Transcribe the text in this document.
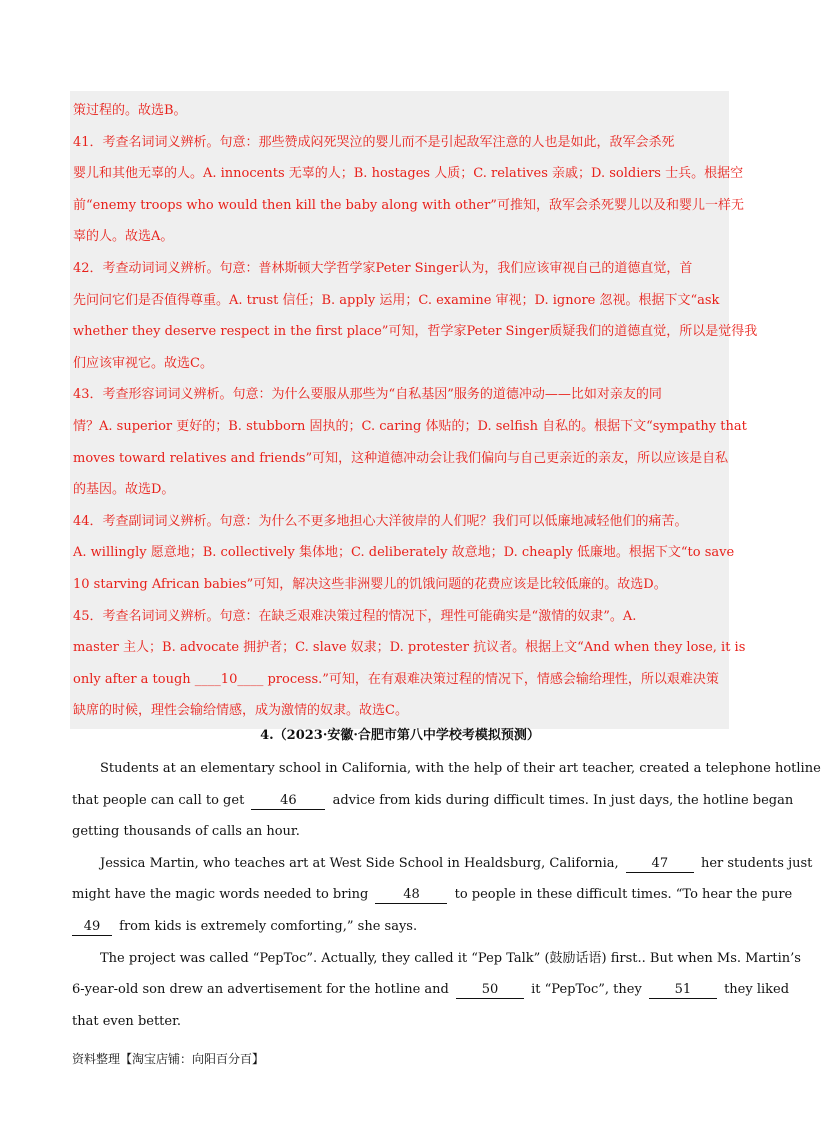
策过程的。故选B。
41．考查名词词义辨析。句意：那些赞成闷死哭泣的婴儿而不是引起敌军注意的人也是如此，敌军会杀死
婴儿和其他无辜的人。A. innocents 无辜的人；B. hostages 人质；C. relatives 亲戚；D. soldiers 士兵。根据空
前“enemy troops who would then kill the baby along with other”可推知，敌军会杀死婴儿以及和婴儿一样无
辜的人。故选A。
42．考查动词词义辨析。句意：普林斯顿大学哲学家Peter Singer认为，我们应该审视自己的道德直觉，首
先问问它们是否值得尊重。A. trust 信任；B. apply 运用；C. examine 审视；D. ignore 忽视。根据下文“ask
whether they deserve respect in the first place”可知，哲学家Peter Singer质疑我们的道德直觉，所以是觉得我
们应该审视它。故选C。
43．考查形容词词义辨析。句意：为什么要服从那些为“自私基因”服务的道德冲动——比如对亲友的同
情？A. superior 更好的；B. stubborn 固执的；C. caring 体贴的；D. selfish 自私的。根据下文“sympathy that
moves toward relatives and friends”可知，这种道德冲动会让我们偏向与自己更亲近的亲友，所以应该是自私
的基因。故选D。
44．考查副词词义辨析。句意：为什么不更多地担心大洋彼岸的人们呢？我们可以低廉地减轻他们的痛苦。
A. willingly 愿意地；B. collectively 集体地；C. deliberately 故意地；D. cheaply 低廉地。根据下文“to save
10 starving African babies”可知，解决这些非洲婴儿的饥饿问题的花费应该是比较低廉的。故选D。
45．考查名词词义辨析。句意：在缺乏艰难决策过程的情况下，理性可能确实是“激情的奴隶”。A.
master 主人；B. advocate 拥护者；C. slave 奴隶；D. protester 抗议者。根据上文“And when they lose, it is
only after a tough ____10____ process.”可知，在有艰难决策过程的情况下，情感会输给理性，所以艰难决策
缺席的时候，理性会输给情感，成为激情的奴隶。故选C。
4.（2023·安徽·合肥市第八中学校考模拟预测）
Students at an elementary school in California, with the help of their art teacher, created a telephone hotline
that people can call to get	46	advice from kids during difficult times. In just days, the hotline began
getting thousands of calls an hour.
Jessica Martin, who teaches art at West Side School in Healdsburg, California,	47	her students just
might have the magic words needed to bring	48	to people in these difficult times. “To hear the pure
49 from kids is extremely comforting,” she says.
The project was called “PepToc”. Actually, they called it “Pep Talk” (鼓励话语) first.. But when Ms. Martin’s
6-year-old son drew an advertisement for the hotline and	50	it “PepToc”, they	51	they liked
that even better.
资料整理【淘宝店铺：向阳百分百】
